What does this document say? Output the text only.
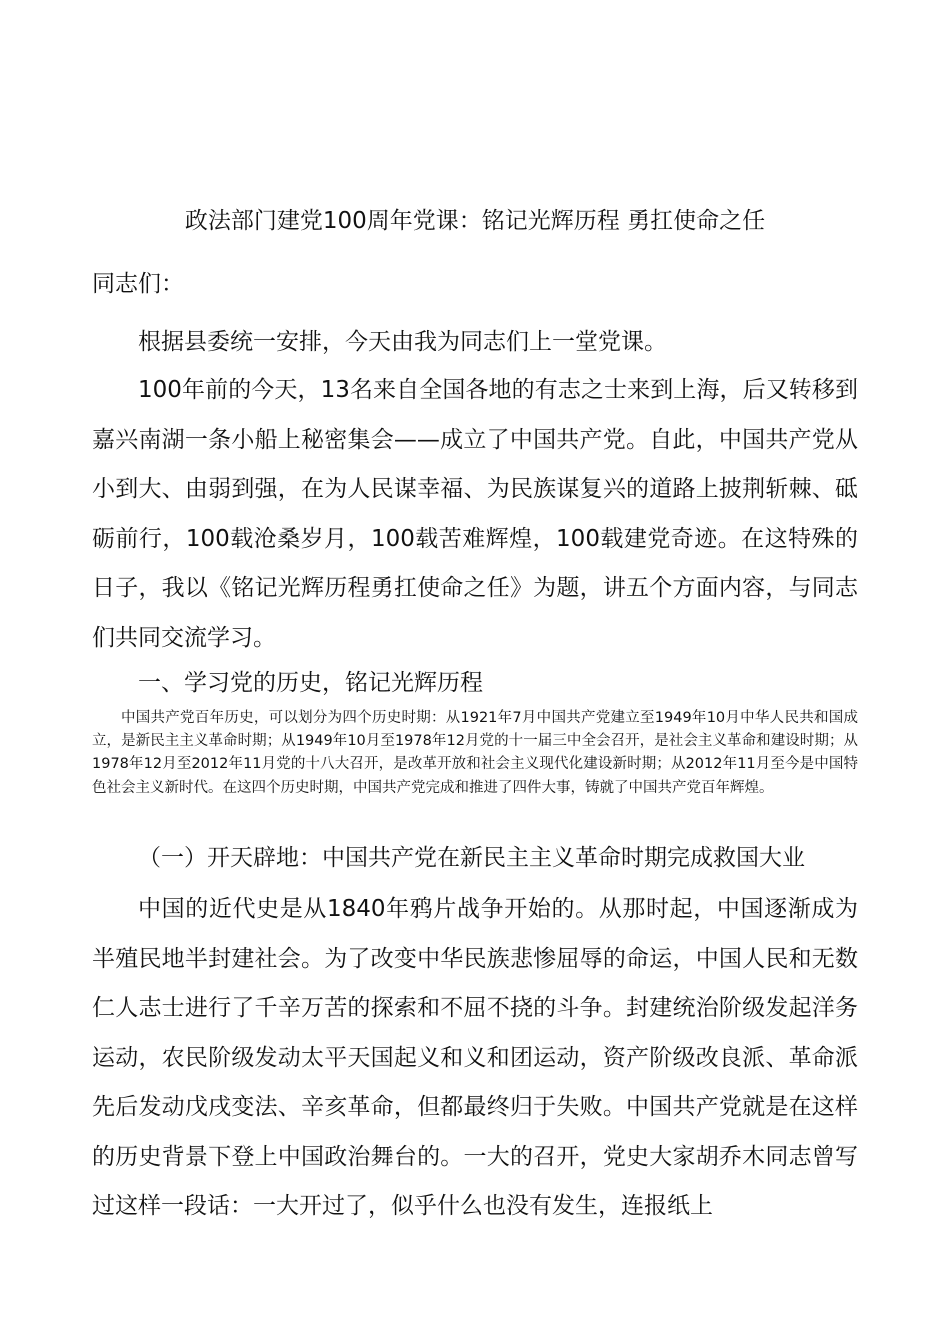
政法部门建党100周年党课：铭记光辉历程 勇扛使命之任
同志们：

根据县委统一安排，今天由我为同志们上一堂党课。

100年前的今天，13名来自全国各地的有志之士来到上海，后又转移到嘉兴南湖一条小船上秘密集会——成立了中国共产党。自此，中国共产党从小到大、由弱到强，在为人民谋幸福、为民族谋复兴的道路上披荆斩棘、砥砺前行，100载沧桑岁月，100载苦难辉煌，100载建党奇迹。在这特殊的日子，我以《铭记光辉历程勇扛使命之任》为题，讲五个方面内容，与同志们共同交流学习。

一、学习党的历史，铭记光辉历程

中国共产党百年历史，可以划分为四个历史时期：从1921年7月中国共产党建立至1949年10月中华人民共和国成立，是新民主主义革命时期；从1949年10月至1978年12月党的十一届三中全会召开，是社会主义革命和建设时期；从1978年12月至2012年11月党的十八大召开，是改革开放和社会主义现代化建设新时期；从2012年11月至今是中国特色社会主义新时代。在这四个历史时期，中国共产党完成和推进了四件大事，铸就了中国共产党百年辉煌。

（一）开天辟地：中国共产党在新民主主义革命时期完成救国大业

中国的近代史是从1840年鸦片战争开始的。从那时起，中国逐渐成为半殖民地半封建社会。为了改变中华民族悲惨屈辱的命运，中国人民和无数仁人志士进行了千辛万苦的探索和不屈不挠的斗争。封建统治阶级发起洋务运动，农民阶级发动太平天国起义和义和团运动，资产阶级改良派、革命派先后发动戊戌变法、辛亥革命，但都最终归于失败。中国共产党就是在这样的历史背景下登上中国政治舞台的。一大的召开，党史大家胡乔木同志曾写过这样一段话：一大开过了，似乎什么也没有发生，连报纸上
